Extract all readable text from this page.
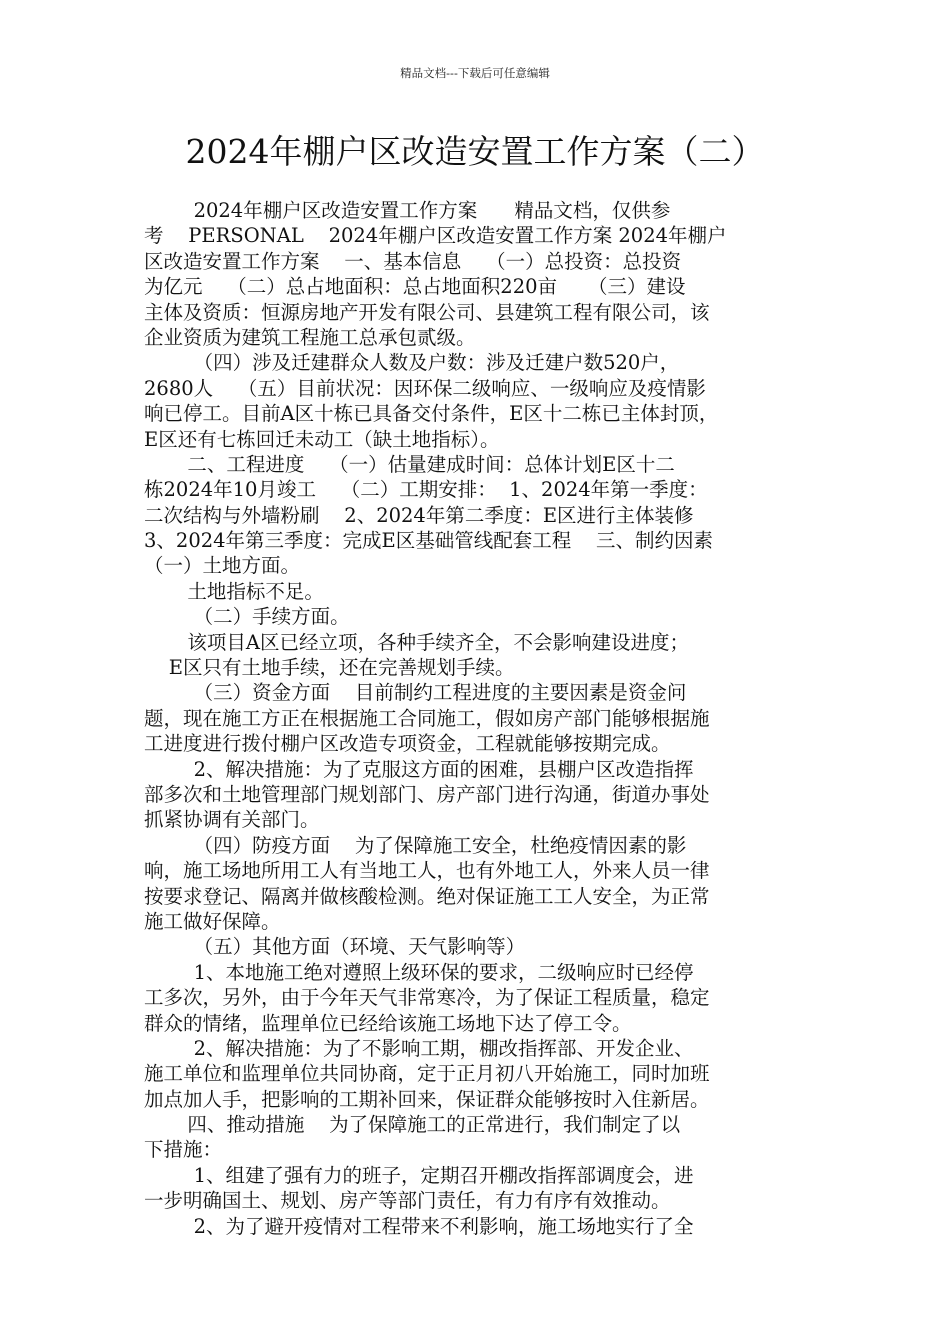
精品文档---下载后可任意编辑
2024年棚户区改造安置工作方案（二）
2024年棚户区改造安置工作方案      精品文档，仅供参
考    PERSONAL    2024年棚户区改造安置工作方案 2024年棚户
区改造安置工作方案    一、基本信息    （一）总投资：总投资
为亿元    （二）总占地面积：总占地面积220亩     （三）建设
主体及资质：恒源房地产开发有限公司、县建筑工程有限公司，该
企业资质为建筑工程施工总承包贰级。
（四）涉及迁建群众人数及户数：涉及迁建户数520户，
2680人    （五）目前状况：因环保二级响应、一级响应及疫情影
响已停工。目前A区十栋已具备交付条件，E区十二栋已主体封顶，
E区还有七栋回迁未动工（缺土地指标）。
二、工程进度    （一）估量建成时间：总体计划E区十二
栋2024年10月竣工    （二）工期安排：  1、2024年第一季度：
二次结构与外墙粉刷    2、2024年第二季度：E区进行主体装修
3、2024年第三季度：完成E区基础管线配套工程    三、制约因素
（一）土地方面。
土地指标不足。
（二）手续方面。
该项目A区已经立项，各种手续齐全，不会影响建设进度；
E区只有土地手续，还在完善规划手续。
（三）资金方面    目前制约工程进度的主要因素是资金问
题，现在施工方正在根据施工合同施工，假如房产部门能够根据施
工进度进行拨付棚户区改造专项资金，工程就能够按期完成。
2、解决措施：为了克服这方面的困难，县棚户区改造指挥
部多次和土地管理部门规划部门、房产部门进行沟通，街道办事处
抓紧协调有关部门。
（四）防疫方面    为了保障施工安全，杜绝疫情因素的影
响，施工场地所用工人有当地工人，也有外地工人，外来人员一律
按要求登记、隔离并做核酸检测。绝对保证施工工人安全，为正常
施工做好保障。
（五）其他方面（环境、天气影响等）
1、本地施工绝对遵照上级环保的要求，二级响应时已经停
工多次，另外，由于今年天气非常寒冷，为了保证工程质量，稳定
群众的情绪，监理单位已经给该施工场地下达了停工令。
2、解决措施：为了不影响工期，棚改指挥部、开发企业、
施工单位和监理单位共同协商，定于正月初八开始施工，同时加班
加点加人手，把影响的工期补回来，保证群众能够按时入住新居。
四、推动措施    为了保障施工的正常进行，我们制定了以
下措施：
1、组建了强有力的班子，定期召开棚改指挥部调度会，进
一步明确国土、规划、房产等部门责任，有力有序有效推动。
2、为了避开疫情对工程带来不利影响，施工场地实行了全
